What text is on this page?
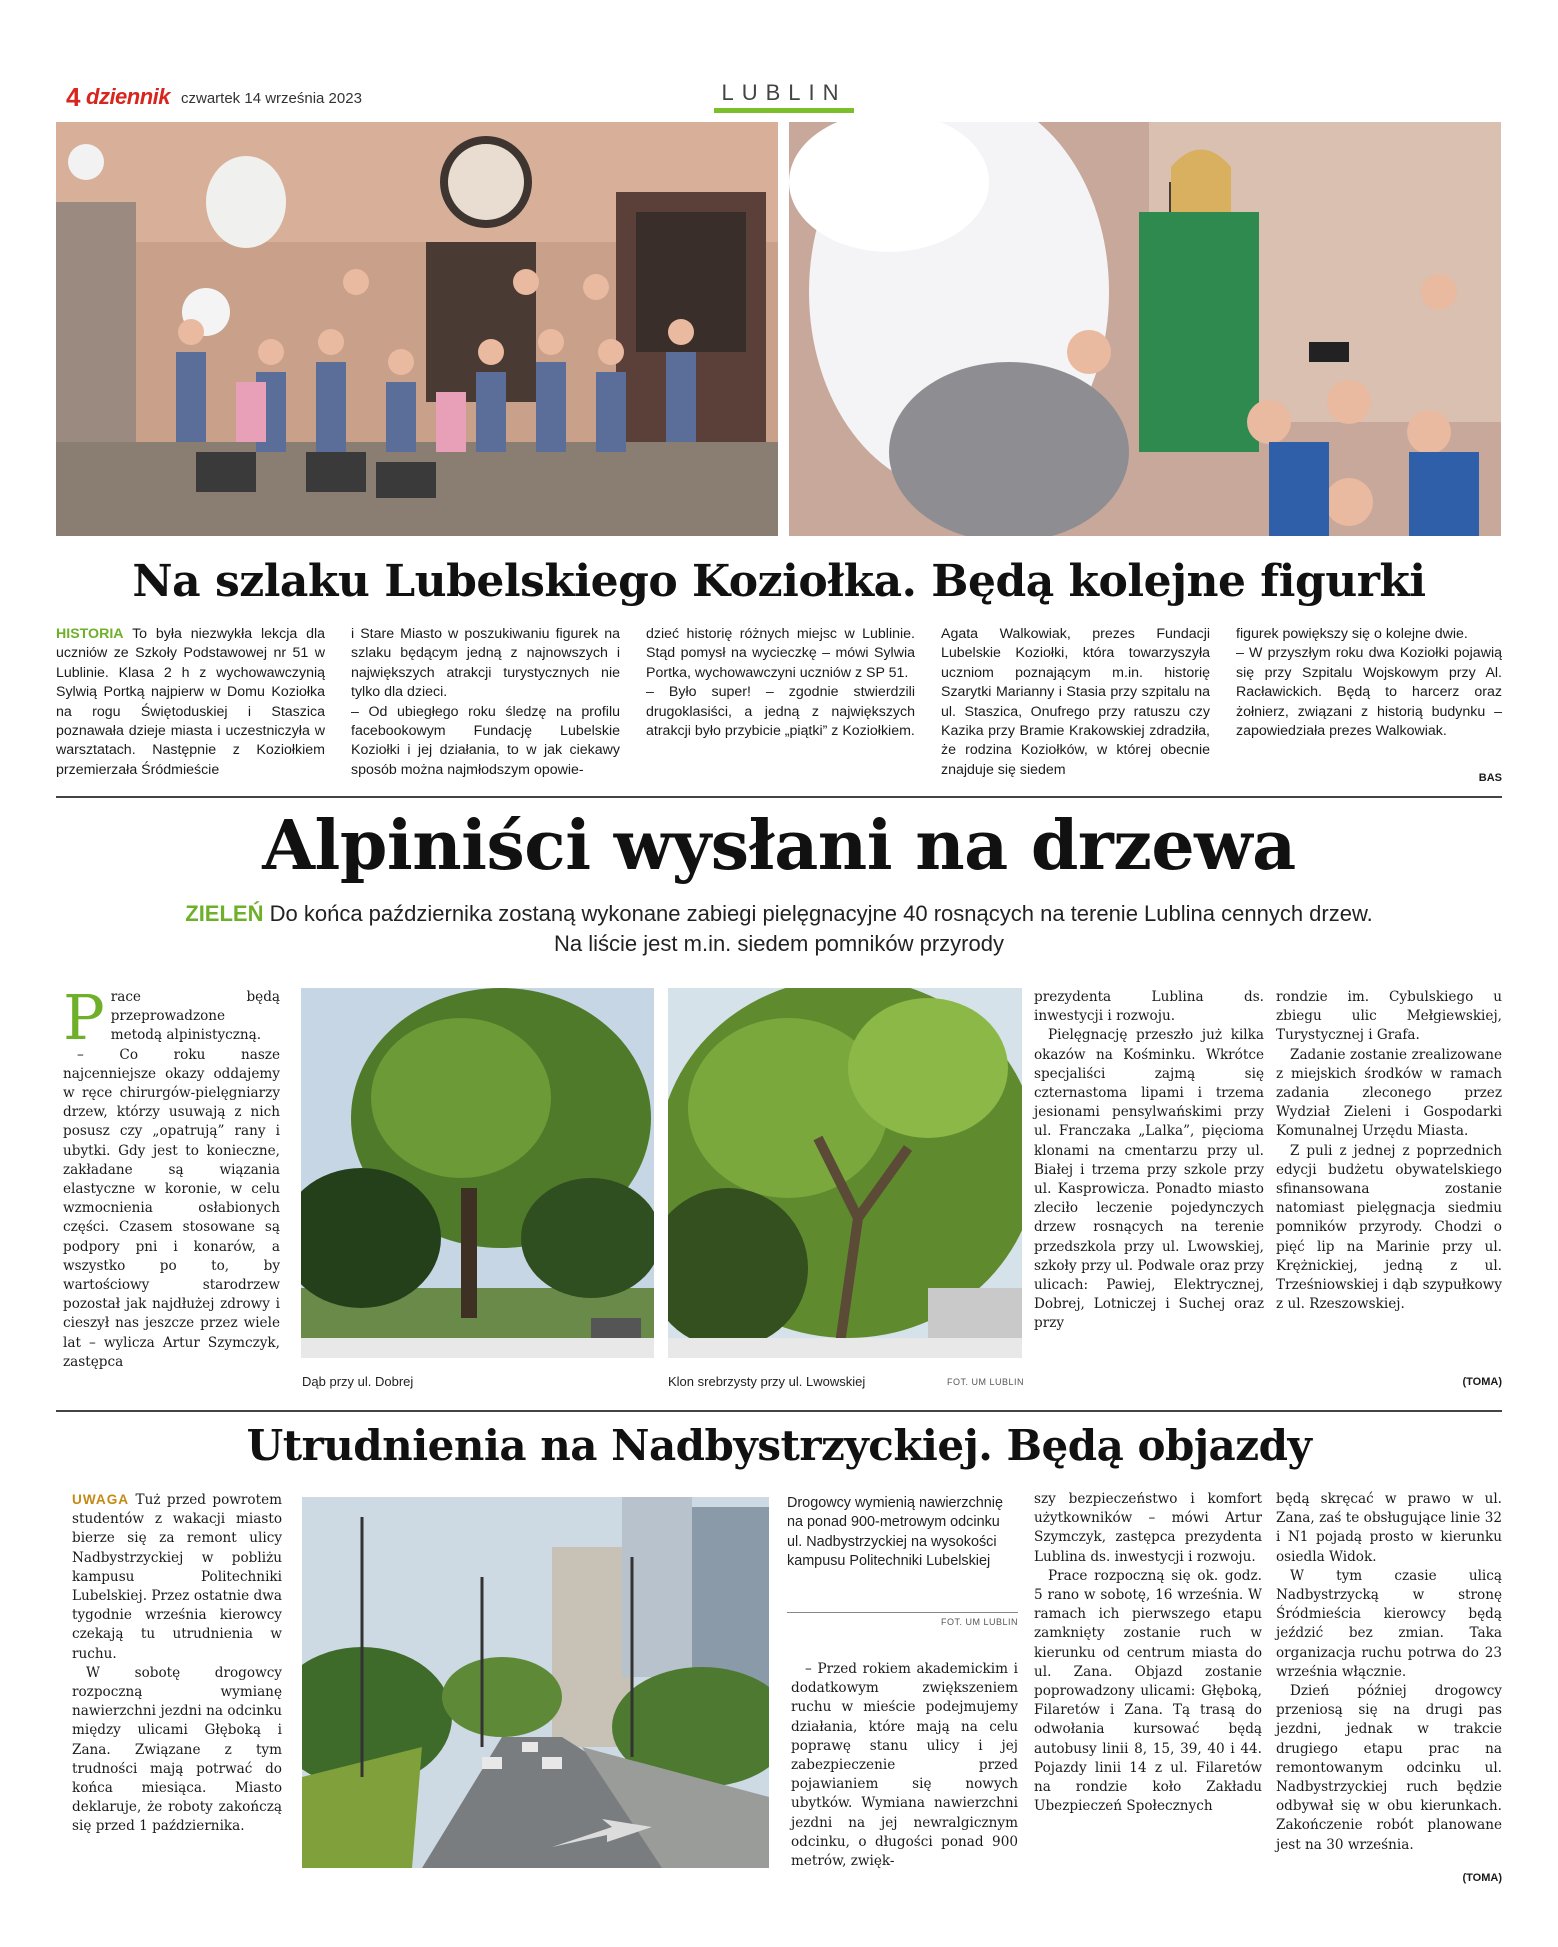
4 dziennik czwartek 14 września 2023	LUBLIN
Na szlaku Lubelskiego Koziołka. Będą kolejne figurki
HISTORIA To była niezwykła lekcja dla uczniów ze Szkoły Podstawowej nr 51 w Lublinie. Klasa 2 h z wychowawczynią Sylwią Portką najpierw w Domu Koziołka na rogu Świętoduskiej i Staszica poznawała dzieje miasta i uczestniczyła w warsztatach. Następnie z Koziołkiem przemierzała Śródmieście
i Stare Miasto w poszukiwaniu figurek na szlaku będącym jedną z najnowszych i największych atrakcji turystycznych nie tylko dla dzieci.
– Od ubiegłego roku śledzę na profilu facebookowym Fundację Lubelskie Koziołki i jej działania, to w jak ciekawy sposób można najmłodszym opowie-
dzieć historię różnych miejsc w Lublinie. Stąd pomysł na wycieczkę – mówi Sylwia Portka, wychowawczyni uczniów z SP 51.
– Było super! – zgodnie stwierdzili drugoklasiści, a jedną z największych atrakcji było przybicie „piątki” z Koziołkiem.
Agata Walkowiak, prezes Fundacji Lubelskie Koziołki, która towarzyszyła uczniom poznającym m.in. historię Szarytki Marianny i Stasia przy szpitalu na ul. Staszica, Onufrego przy ratuszu czy Kazika przy Bramie Krakowskiej zdradziła, że rodzina Koziołków, w której obecnie znajduje się siedem
figurek powiększy się o kolejne dwie.
– W przyszłym roku dwa Koziołki pojawią się przy Szpitalu Wojskowym przy Al. Racławickich. Będą to harcerz oraz żołnierz, związani z historią budynku – zapowiedziała prezes Walkowiak.
BAS
Alpiniści wysłani na drzewa
ZIELEŃ Do końca października zostaną wykonane zabiegi pielęgnacyjne 40 rosnących na terenie Lublina cennych drzew.
Na liście jest m.in. siedem pomników przyrody

Prace będą przeprowadzone metodą alpinistyczną.

– Co roku nasze najcenniejsze okazy oddajemy w ręce chirurgów-pielęgniarzy drzew, którzy usuwają z nich posusz czy „opatrują” rany i ubytki. Gdy jest to konieczne, zakładane są wiązania elastyczne w koronie, w celu wzmocnienia osłabionych części. Czasem stosowane są podpory pni i konarów, a wszystko po to, by wartościowy starodrzew pozostał jak najdłużej zdrowy i cieszył nas jeszcze przez wiele lat – wylicza Artur Szymczyk, zastępca

Dąb przy ul. Dobrej	Klon srebrzysty przy ul. Lwowskiej	FOT. UM LUBLIN

prezydenta Lublina ds. inwestycji i rozwoju.

Pielęgnację przeszło już kilka okazów na Kośminku. Wkrótce specjaliści zajmą się czternastoma lipami i trzema jesionami pensylwańskimi przy ul. Franczaka „Lalka”, pięcioma klonami na cmentarzu przy ul. Białej i trzema przy szkole przy ul. Kasprowicza. Ponadto miasto zleciło leczenie pojedynczych drzew rosnących na terenie przedszkola przy ul. Lwowskiej, szkoły przy ul. Podwale oraz przy ulicach: Pawiej, Elektrycznej, Dobrej, Lotniczej i Suchej oraz przy

rondzie im. Cybulskiego u zbiegu ulic Mełgiewskiej, Turystycznej i Grafa.

Zadanie zostanie zrealizowane z miejskich środków w ramach zadania zleconego przez Wydział Zieleni i Gospodarki Komunalnej Urzędu Miasta.

Z puli z jednej z poprzednich edycji budżetu obywatelskiego sfinansowana zostanie natomiast pielęgnacja siedmiu pomników przyrody. Chodzi o pięć lip na Marinie przy ul. Krężnickiej, jedną z ul. Trześniowskiej i dąb szypułkowy z ul. Rzeszowskiej.

(TOMA)
Utrudnienia na Nadbystrzyckiej. Będą objazdy

UWAGA Tuż przed powrotem studentów z wakacji miasto bierze się za remont ulicy Nadbystrzyckiej w pobliżu kampusu Politechniki Lubelskiej. Przez ostatnie dwa tygodnie września kierowcy czekają tu utrudnienia w ruchu.

W sobotę drogowcy rozpoczną wymianę nawierzchni jezdni na odcinku między ulicami Głęboką i Zana. Związane z tym trudności mają potrwać do końca miesiąca. Miasto deklaruje, że roboty zakończą się przed 1 października.

Drogowcy wymienią nawierzchnię na ponad 900-metrowym odcinku ul. Nadbystrzyckiej na wysokości kampusu Politechniki Lubelskiej
FOT. UM LUBLIN

– Przed rokiem akademickim i dodatkowym zwiększeniem ruchu w mieście podejmujemy działania, które mają na celu poprawę stanu ulicy i jej zabezpieczenie przed pojawianiem się nowych ubytków. Wymiana nawierzchni jezdni na jej newralgicznym odcinku, o długości ponad 900 metrów, zwięk-

szy bezpieczeństwo i komfort użytkowników – mówi Artur Szymczyk, zastępca prezydenta Lublina ds. inwestycji i rozwoju.

Prace rozpoczną się ok. godz. 5 rano w sobotę, 16 września. W ramach ich pierwszego etapu zamknięty zostanie ruch w kierunku od centrum miasta do ul. Zana. Objazd zostanie poprowadzony ulicami: Głęboką, Filaretów i Zana. Tą trasą do odwołania kursować będą autobusy linii 8, 15, 39, 40 i 44. Pojazdy linii 14 z ul. Filaretów na rondzie koło Zakładu Ubezpieczeń Społecznych

będą skręcać w prawo w ul. Zana, zaś te obsługujące linie 32 i N1 pojadą prosto w kierunku osiedla Widok.

W tym czasie ulicą Nadbystrzycką w stronę Śródmieścia kierowcy będą jeździć bez zmian. Taka organizacja ruchu potrwa do 23 września włącznie.

Dzień później drogowcy przeniosą się na drugi pas jezdni, jednak w trakcie drugiego etapu prac na remontowanym odcinku ul. Nadbystrzyckiej ruch będzie odbywał się w obu kierunkach. Zakończenie robót planowane jest na 30 września.

(TOMA)
